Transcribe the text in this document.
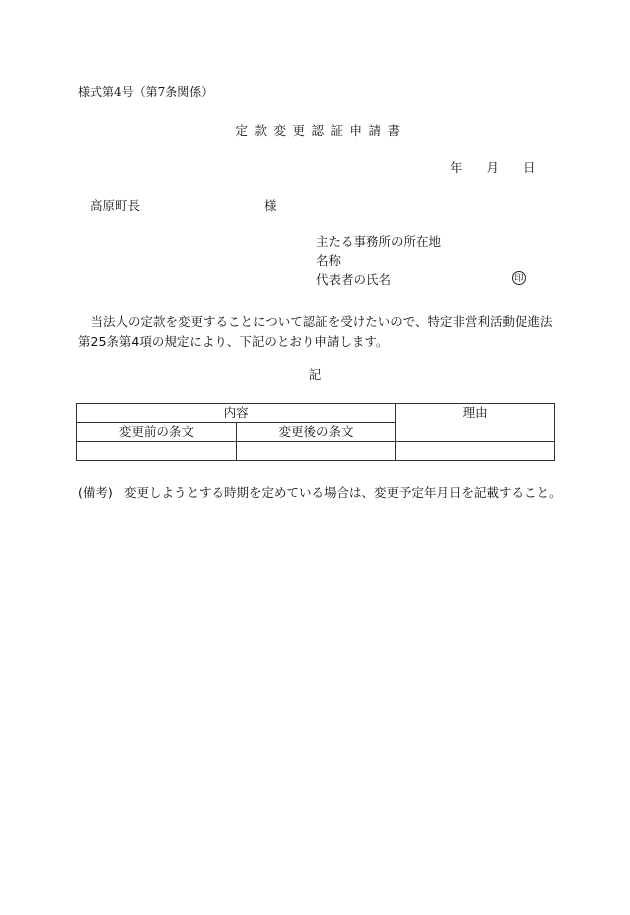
様式第4号（第7条関係）
定款変更認証申請書
年 月 日
高原町長	様
主たる事務所の所在地
名称
代表者の氏名	印

　当法人の定款を変更することについて認証を受けたいので、特定非営利活動促進法

第25条第4項の規定により、下記のとおり申請します。

記
内容		理由
変更前の条文	変更後の条文	

(備考) 変更しようとする時期を定めている場合は、変更予定年月日を記載すること。
